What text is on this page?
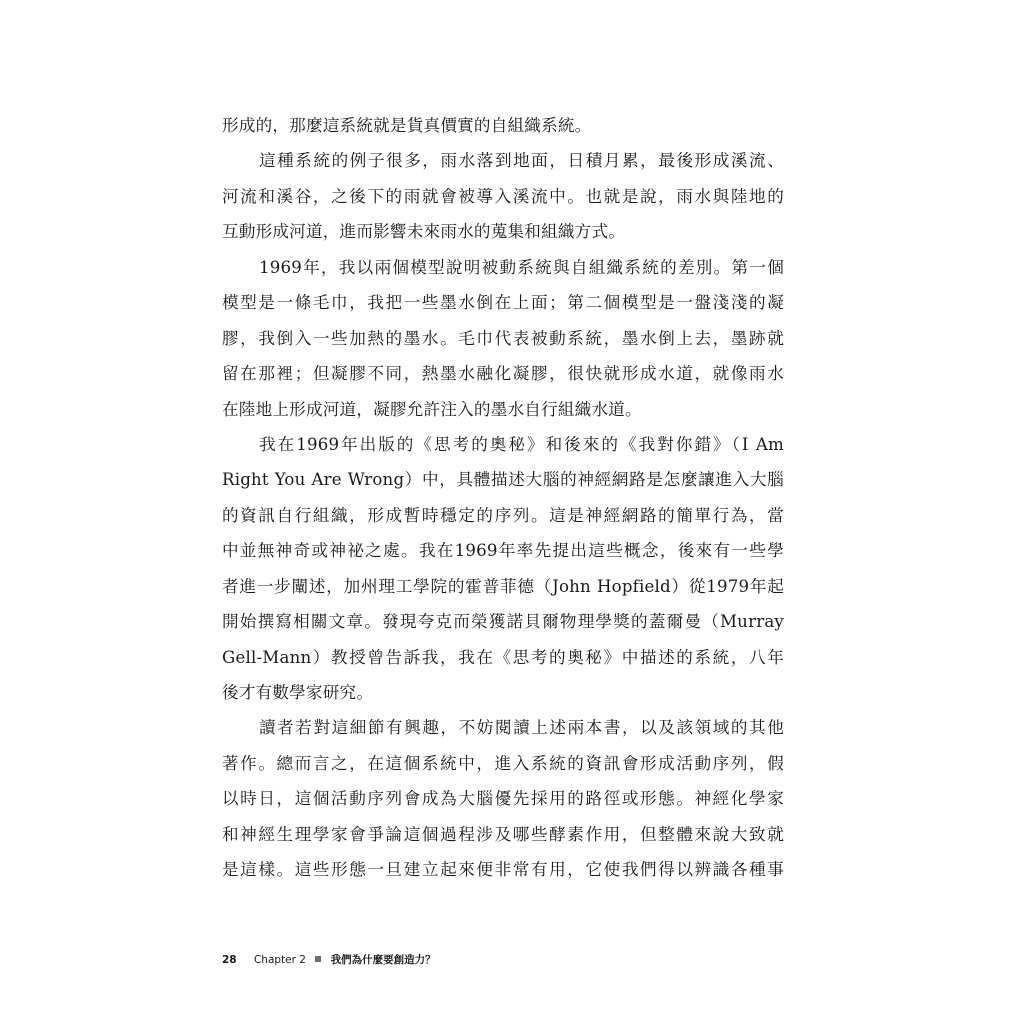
形成的，那麼這系統就是貨真價實的自組織系統。
這種系統的例子很多，雨水落到地面，日積月累，最後形成溪流、
河流和溪谷，之後下的雨就會被導入溪流中。也就是說，雨水與陸地的
互動形成河道，進而影響未來雨水的蒐集和組織方式。
1969年，我以兩個模型說明被動系統與自組織系統的差別。第一個
模型是一條毛巾，我把一些墨水倒在上面；第二個模型是一盤淺淺的凝
膠，我倒入一些加熱的墨水。毛巾代表被動系統，墨水倒上去，墨跡就
留在那裡；但凝膠不同，熱墨水融化凝膠，很快就形成水道，就像雨水
在陸地上形成河道，凝膠允許注入的墨水自行組織水道。
我在1969年出版的《思考的奧秘》和後來的《我對你錯》（I Am
Right You Are Wrong）中，具體描述大腦的神經網路是怎麼讓進入大腦
的資訊自行組織，形成暫時穩定的序列。這是神經網路的簡單行為，當
中並無神奇或神祕之處。我在1969年率先提出這些概念，後來有一些學
者進一步闡述，加州理工學院的霍普菲德（John Hopfield）從1979年起
開始撰寫相關文章。發現夸克而榮獲諾貝爾物理學獎的蓋爾曼（Murray
Gell-Mann）教授曾告訴我，我在《思考的奧秘》中描述的系統，八年
後才有數學家研究。
讀者若對這細節有興趣，不妨閱讀上述兩本書，以及該領域的其他
著作。總而言之，在這個系統中，進入系統的資訊會形成活動序列，假
以時日，這個活動序列會成為大腦優先採用的路徑或形態。神經化學家
和神經生理學家會爭論這個過程涉及哪些酵素作用，但整體來說大致就
是這樣。這些形態一旦建立起來便非常有用，它使我們得以辨識各種事
28 Chapter 2 我們為什麼要創造力？
